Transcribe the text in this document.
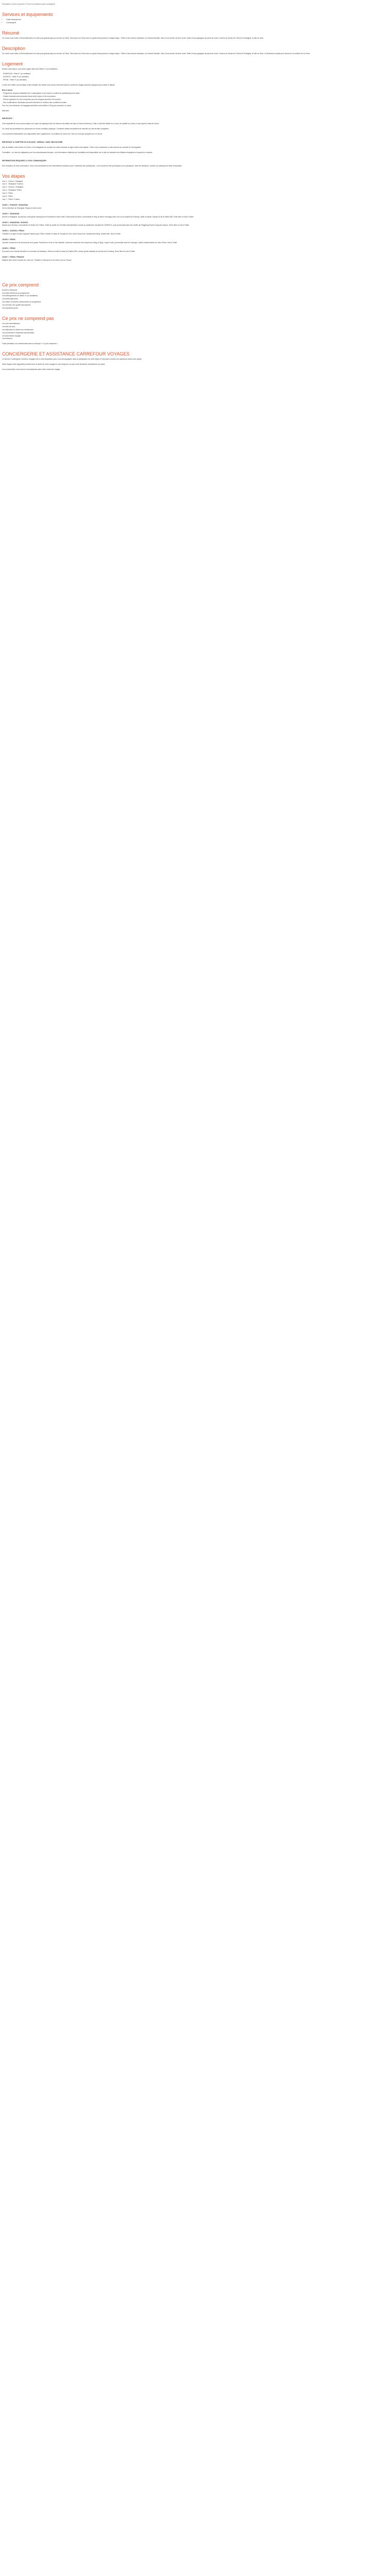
Description Ce prix comprend / Ce prix ne comprend pas Conciergerie
Services et équipements
• Guide francophone
• Conciergerie
Résumé

Ce circuit vous invite à l’émerveillement d’un des plus grands pays au monde, la Chine. Découvrez la Chine avec un guide francophone à chaque étape : Pékin et ses trésors impériaux, la Grande Muraille, Xian et son armée de terre cuite, Guilin et ses paysages de pains de sucre, Suzhou la Venise de l’Orient et Shanghai, la ville du futur.

Description

Ce circuit vous invite à l’émerveillement d’un des plus grands pays au monde, la Chine. Découvrez la Chine avec un guide francophone à chaque étape : Pékin et ses trésors impériaux, la Grande Muraille, Xian et son armée de terre cuite, Guilin et ses paysages de pains de sucre, Suzhou la Venise de l’Orient et Shanghai, la ville du futur. Un itinéraire complet pour découvrir le meilleur de la Chine.

Logement

Durant votre séjour, vous serez logés dans des hôtels 4* (ou similaires) :

- SHANGHAI : Hôtel 4* (ou similaire)
- SUZHOU : Hôtel 4* (ou similaire)
- PEKIN : Hôtel 4* (ou similaire)

L’ordre des hôtels communiqué à titre indicatif, les hôtels vous seront confirmés dans le carnet de voyage transmis quelques jours avant le départ.

Bon à savoir

- Programme proposé réalisable dès 2 participants et sur place le nombre de participants peut varier.
- Guides francophones présents durant votre séjour et les excursions.
- Prévoir quelques en-cas à emporter pour les longues journées d’excursion.
- Des modifications d’itinéraire peuvent intervenir en fonction des conditions locales.
Pour les vols intérieurs, les bagages autorisés sont limités à 20 kg par personne en soute.

Attention :

IMPORTANT :

Il est impératif de vous communiquer une copie de passeport afin de réserver les billets de train et d’avion intérieurs. Celle-ci doit être lisible et en cours de validité au moins 6 mois après la date de retour.

Ce circuit est accessible aux personnes en bonne condition physique. Certaines visites nécessitent de marcher sur des terrains irréguliers.

Les chambres individuelles sont disponibles avec supplément. Les enfants de moins de 2 ans ne sont pas acceptés sur ce circuit.

IMPORTANT À COMPTER DU 01/11/2025 : ARRIVAL CARD OBLIGATOIRE

Afin de faciliter votre entrée en Chine, il est obligatoire de remplir une carte d’arrivée en ligne avant votre départ. Celle-ci est à présenter à votre arrivée au contrôle de l’immigration.

Formalités : un visa est obligatoire pour les ressortissants français. Les informations relatives aux formalités sont disponibles sur le site du ministère des Affaires étrangères et auprès du consulat.

INFORMATIONS REQUISES À VOUS COMMUNIQUER

Dès réception de votre réservation, nous vous demanderons les informations suivantes pour l’ensemble des participants : nom et prénom tels qu’indiqués sur le passeport, date de naissance, numéro de passeport et date d’expiration.

Vos étapes

Jour 1 : France / Shanghai
Jour 2 : Shanghai / Suzhou
Jour 3 : Suzhou / Shanghai
Jour 4 : Shanghai / Pékin
Jour 5 : Pékin
Jour 6 : Pékin
Jour 7 : Pékin / France

JOUR 1 : FRANCE / SHANGHAI

Vol en direction de Shanghai. Repas et nuit à bord.

JOUR 2 : SHANGHAI

Arrivée à Shanghai, accueil par votre guide francophone et transfert à votre hôtel. Découverte du Bund, promenade le long du fleuve Huangpu avec vue sur la skyline de Pudong. Visite du jardin Yuyuan et de la vieille ville. Dîner libre et nuit à l’hôtel.

JOUR 3 : SHANGHAI / SUZHOU

Départ pour Suzhou, surnommée la Venise de l’Orient. Visite du jardin de l’Humble Administrateur, inscrit au patrimoine mondial de l’UNESCO, puis promenade dans les ruelles de Pingjiang Road le long des canaux. Dîner libre et nuit à l’hôtel.

JOUR 4 : SUZHOU / PÉKIN

Transfert à la gare et train à grande vitesse pour Pékin. Arrivée et visite du Temple du Ciel, chef-d’œuvre de l’architecture Ming. Soirée libre. Nuit à l’hôtel.

JOUR 5 : PÉKIN

Journée consacrée à la découverte de la place Tian’anmen et de la Cité Interdite, ancienne résidence des empereurs Ming et Qing. L’après-midi, promenade dans les hutongs, ruelles traditionnelles du vieux Pékin. Nuit à l’hôtel.

JOUR 6 : PÉKIN

Excursion à la Grande Muraille sur la section de Mutianyu. Retour en ville et visite du Palais d’Été, ancien jardin impérial au bord du lac Kunming. Dîner libre et nuit à l’hôtel.

JOUR 7 : PÉKIN / FRANCE

Matinée libre selon l’horaire de votre vol. Transfert à l’aéroport et vol retour vers la France.

Ce prix comprend

Accueil à l’aéroport.
Les trains intérieurs au programme.
Les hébergements en hôtels 4* (ou similaires).
Les petits-déjeuners.
Les visites et entrées mentionnées au programme.
Les services d’un guide francophone.
Les transferts privés.

Ce prix ne comprend pas

Les vols internationaux.
Les frais de visa.
Les déjeuners et dîners non mentionnés.
Les pourboires et dépenses personnelles.
Les assurances voyage.
Les boissons.

Toute prestation non mentionnée dans la rubrique « Ce prix comprend ».

CONCIERGERIE ET ASSISTANCE CARREFOUR VOYAGES

Le service Conciergerie Carrefour Voyages est à votre disposition pour vous accompagner dans la préparation de votre séjour et répondre à toutes vos questions avant votre départ.

Notre équipe reste joignable pendant toute la durée de votre voyage en cas d’imprévu ou pour toute demande d’assistance sur place.

Les coordonnées vous seront communiquées dans votre carnet de voyage.
